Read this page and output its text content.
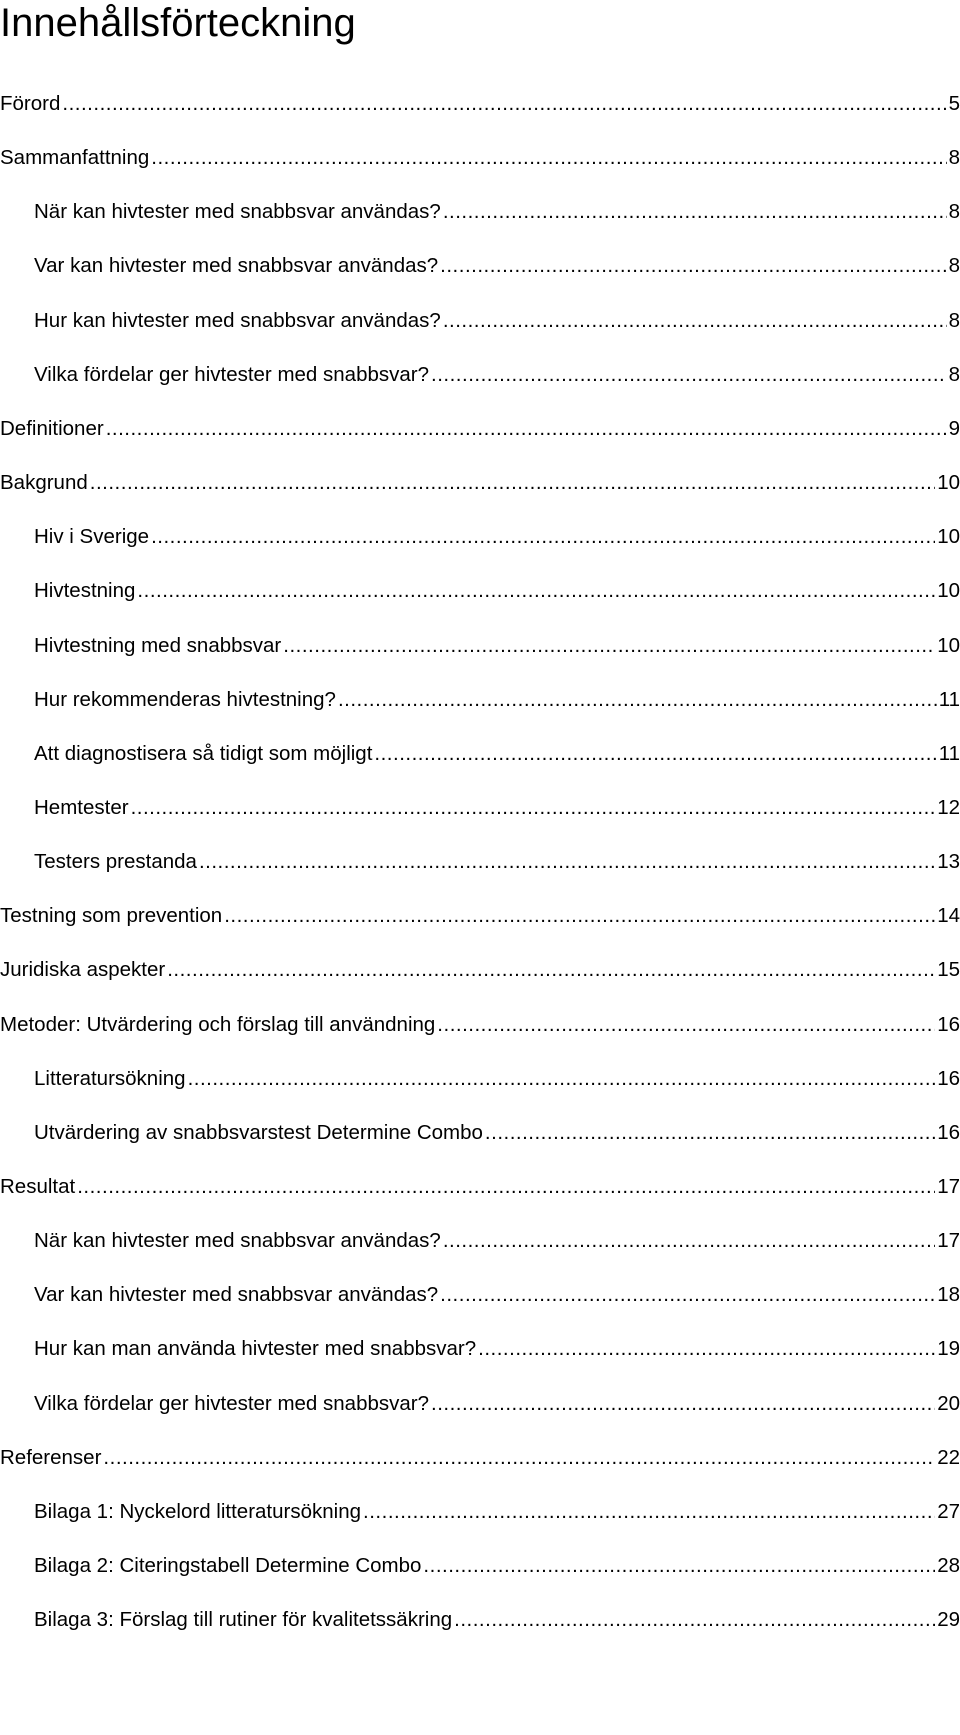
Innehållsförteckning
Förord .....	5
Sammanfattning .....	8
När kan hivtester med snabbsvar användas? .....	8
Var kan hivtester med snabbsvar användas? .....	8
Hur kan hivtester med snabbsvar användas? .....	8
Vilka fördelar ger hivtester med snabbsvar? .....	8
Definitioner .....	9
Bakgrund .....	10
Hiv i Sverige .....	10
Hivtestning .....	10
Hivtestning med snabbsvar .....	10
Hur rekommenderas hivtestning? .....	11
Att diagnostisera så tidigt som möjligt .....	11
Hemtester .....	12
Testers prestanda .....	13
Testning som prevention .....	14
Juridiska aspekter .....	15
Metoder: Utvärdering och förslag till användning .....	16
Litteratursökning .....	16
Utvärdering av snabbsvarstest Determine Combo .....	16
Resultat .....	17
När kan hivtester med snabbsvar användas? .....	17
Var kan hivtester med snabbsvar användas? .....	18
Hur kan man använda hivtester med snabbsvar? .....	19
Vilka fördelar ger hivtester med snabbsvar? .....	20
Referenser .....	22
Bilaga 1: Nyckelord litteratursökning .....	27
Bilaga 2: Citeringstabell Determine Combo .....	28
Bilaga 3: Förslag till rutiner för kvalitetssäkring .....	29
